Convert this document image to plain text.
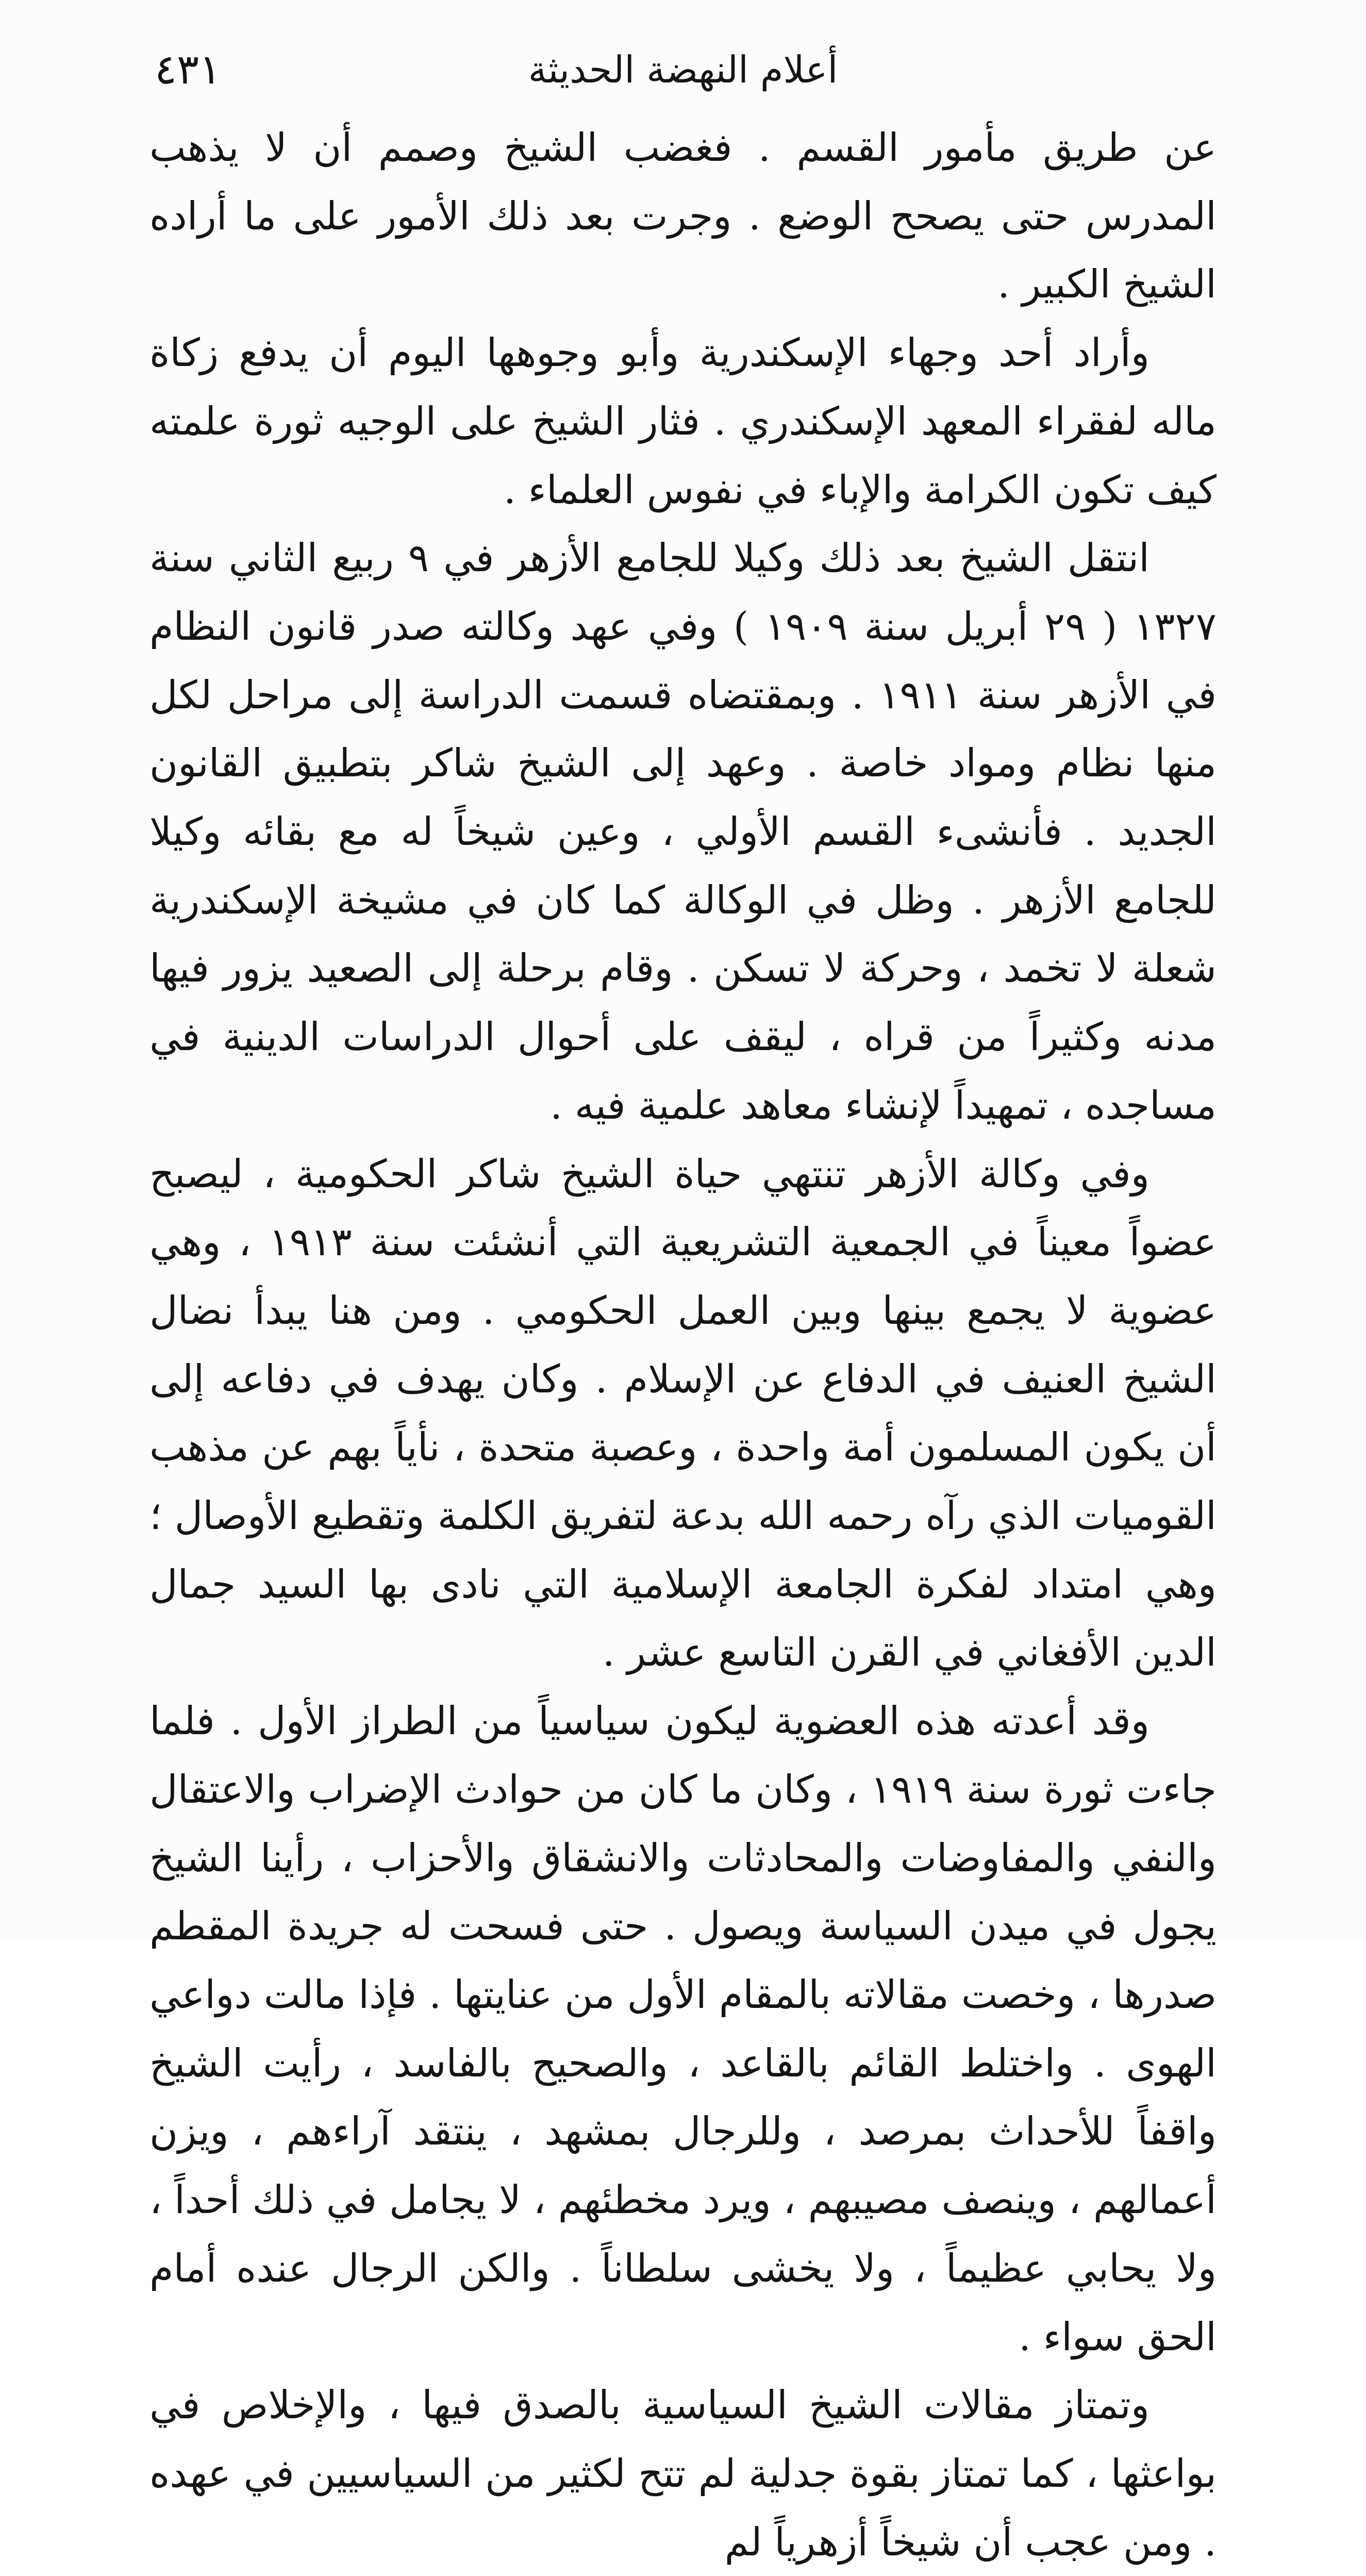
أعلام النهضة الحديثة
٤٣١

عن طريق مأمور القسم . فغضب الشيخ وصمم أن لا يذهب المدرس حتى يصحح الوضع . وجرت بعد ذلك الأمور على ما أراده الشيخ الكبير .

وأراد أحد وجهاء الإسكندرية وأبو وجوهها اليوم أن يدفع زكاة ماله لفقراء المعهد الإسكندري . فثار الشيخ على الوجيه ثورة علمته كيف تكون الكرامة والإباء في نفوس العلماء .

انتقل الشيخ بعد ذلك وكيلا للجامع الأزهر في ٩ ربيع الثاني سنة ١٣٢٧ ( ٢٩ أبريل سنة ١٩٠٩ ) وفي عهد وكالته صدر قانون النظام في الأزهر سنة ١٩١١ . وبمقتضاه قسمت الدراسة إلى مراحل لكل منها نظام ومواد خاصة . وعهد إلى الشيخ شاكر بتطبيق القانون الجديد . فأنشىء القسم الأولي ، وعين شيخاً له مع بقائه وكيلا للجامع الأزهر . وظل في الوكالة كما كان في مشيخة الإسكندرية شعلة لا تخمد ، وحركة لا تسكن . وقام برحلة إلى الصعيد يزور فيها مدنه وكثيراً من قراه ، ليقف على أحوال الدراسات الدينية في مساجده ، تمهيداً لإنشاء معاهد علمية فيه .

وفي وكالة الأزهر تنتهي حياة الشيخ شاكر الحكومية ، ليصبح عضواً معيناً في الجمعية التشريعية التي أنشئت سنة ١٩١٣ ، وهي عضوية لا يجمع بينها وبين العمل الحكومي . ومن هنا يبدأ نضال الشيخ العنيف في الدفاع عن الإسلام . وكان يهدف في دفاعه إلى أن يكون المسلمون أمة واحدة ، وعصبة متحدة ، نأياً بهم عن مذهب القوميات الذي رآه رحمه الله بدعة لتفريق الكلمة وتقطيع الأوصال ؛ وهي امتداد لفكرة الجامعة الإسلامية التي نادى بها السيد جمال الدين الأفغاني في القرن التاسع عشر .

وقد أعدته هذه العضوية ليكون سياسياً من الطراز الأول . فلما جاءت ثورة سنة ١٩١٩ ، وكان ما كان من حوادث الإضراب والاعتقال والنفي والمفاوضات والمحادثات والانشقاق والأحزاب ، رأينا الشيخ يجول في ميدن السياسة ويصول . حتى فسحت له جريدة المقطم صدرها ، وخصت مقالاته بالمقام الأول من عنايتها . فإذا مالت دواعي الهوى . واختلط القائم بالقاعد ، والصحيح بالفاسد ، رأيت الشيخ واقفاً للأحداث بمرصد ، وللرجال بمشهد ، ينتقد آراءهم ، ويزن أعمالهم ، وينصف مصيبهم ، ويرد مخطئهم ، لا يجامل في ذلك أحداً ، ولا يحابي عظيماً ، ولا يخشى سلطاناً . والكن الرجال عنده أمام الحق سواء .

وتمتاز مقالات الشيخ السياسية بالصدق فيها ، والإخلاص في بواعثها ، كما تمتاز بقوة جدلية لم تتح لكثير من السياسيين في عهده . ومن عجب أن شيخاً أزهرياً لم
